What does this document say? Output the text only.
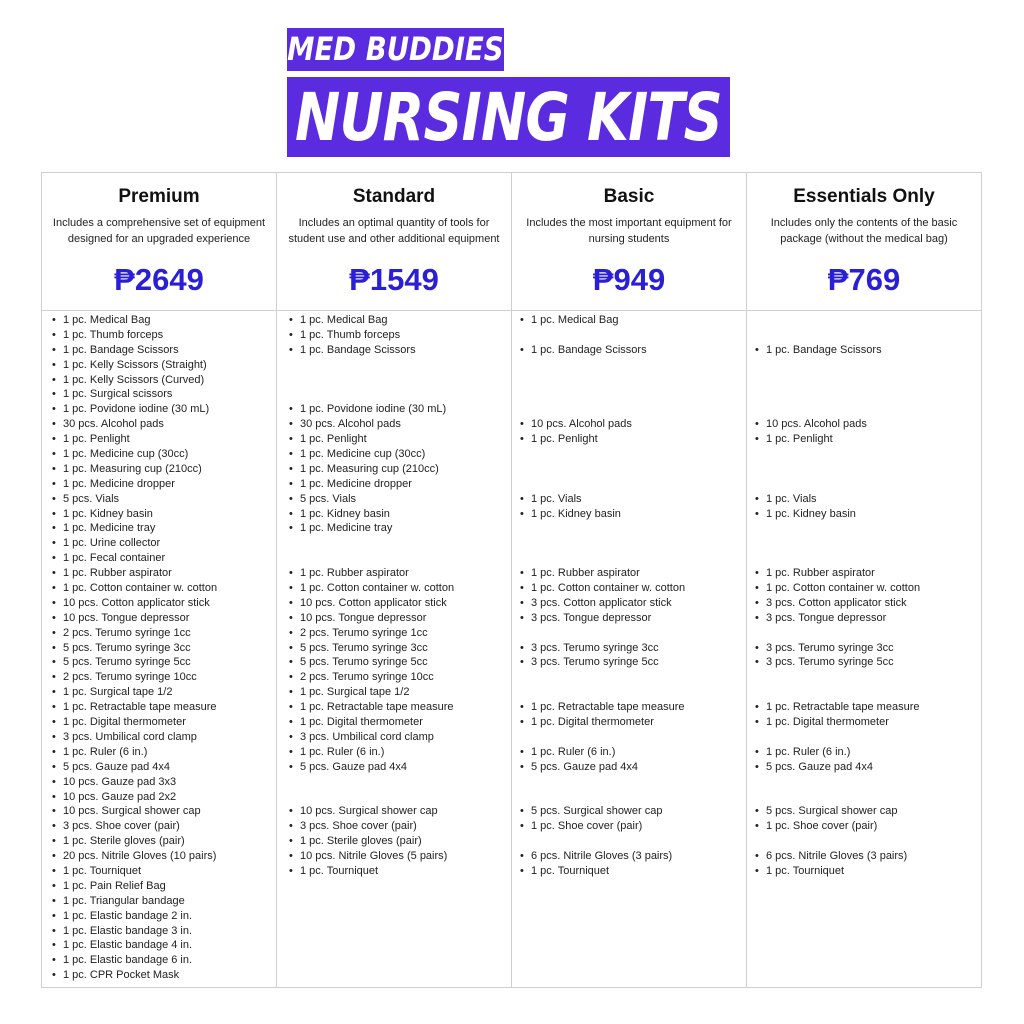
MED BUDDIES
NURSING KITS
Premium
Includes a comprehensive set of equipment designed for an upgraded experience
₱2649
Standard
Includes an optimal quantity of tools for student use and other additional equipment
₱1549
Basic
Includes the most important equipment for nursing students
₱949
Essentials Only
Includes only the contents of the basic package (without the medical bag)
₱769
• 1 pc. Medical Bag
• 1 pc. Thumb forceps
• 1 pc. Bandage Scissors
• 1 pc. Kelly Scissors (Straight)
• 1 pc. Kelly Scissors (Curved)
• 1 pc. Surgical scissors
• 1 pc. Povidone iodine (30 mL)
• 30 pcs. Alcohol pads
• 1 pc. Penlight
• 1 pc. Medicine cup (30cc)
• 1 pc. Measuring cup (210cc)
• 1 pc. Medicine dropper
• 5 pcs. Vials
• 1 pc. Kidney basin
• 1 pc. Medicine tray
• 1 pc. Urine collector
• 1 pc. Fecal container
• 1 pc. Rubber aspirator
• 1 pc. Cotton container w. cotton
• 10 pcs. Cotton applicator stick
• 10 pcs. Tongue depressor
• 2 pcs. Terumo syringe 1cc
• 5 pcs. Terumo syringe 3cc
• 5 pcs. Terumo syringe 5cc
• 2 pcs. Terumo syringe 10cc
• 1 pc. Surgical tape 1/2
• 1 pc. Retractable tape measure
• 1 pc. Digital thermometer
• 3 pcs. Umbilical cord clamp
• 1 pc. Ruler (6 in.)
• 5 pcs. Gauze pad 4x4
• 10 pcs. Gauze pad 3x3
• 10 pcs. Gauze pad 2x2
• 10 pcs. Surgical shower cap
• 3 pcs. Shoe cover (pair)
• 1 pc. Sterile gloves (pair)
• 20 pcs. Nitrile Gloves (10 pairs)
• 1 pc. Tourniquet
• 1 pc. Pain Relief Bag
• 1 pc. Triangular bandage
• 1 pc. Elastic bandage 2 in.
• 1 pc. Elastic bandage 3 in.
• 1 pc. Elastic bandage 4 in.
• 1 pc. Elastic bandage 6 in.
• 1 pc. CPR Pocket Mask
• 1 pc. Medical Bag
• 1 pc. Thumb forceps
• 1 pc. Bandage Scissors
• 1 pc. Povidone iodine (30 mL)
• 30 pcs. Alcohol pads
• 1 pc. Penlight
• 1 pc. Medicine cup (30cc)
• 1 pc. Measuring cup (210cc)
• 1 pc. Medicine dropper
• 5 pcs. Vials
• 1 pc. Kidney basin
• 1 pc. Medicine tray
• 1 pc. Rubber aspirator
• 1 pc. Cotton container w. cotton
• 10 pcs. Cotton applicator stick
• 10 pcs. Tongue depressor
• 2 pcs. Terumo syringe 1cc
• 5 pcs. Terumo syringe 3cc
• 5 pcs. Terumo syringe 5cc
• 2 pcs. Terumo syringe 10cc
• 1 pc. Surgical tape 1/2
• 1 pc. Retractable tape measure
• 1 pc. Digital thermometer
• 3 pcs. Umbilical cord clamp
• 1 pc. Ruler (6 in.)
• 5 pcs. Gauze pad 4x4
• 10 pcs. Surgical shower cap
• 3 pcs. Shoe cover (pair)
• 1 pc. Sterile gloves (pair)
• 10 pcs. Nitrile Gloves (5 pairs)
• 1 pc. Tourniquet
• 1 pc. Medical Bag
• 1 pc. Bandage Scissors
• 10 pcs. Alcohol pads
• 1 pc. Penlight
• 1 pc. Vials
• 1 pc. Kidney basin
• 1 pc. Rubber aspirator
• 1 pc. Cotton container w. cotton
• 3 pcs. Cotton applicator stick
• 3 pcs. Tongue depressor
• 3 pcs. Terumo syringe 3cc
• 3 pcs. Terumo syringe 5cc
• 1 pc. Retractable tape measure
• 1 pc. Digital thermometer
• 1 pc. Ruler (6 in.)
• 5 pcs. Gauze pad 4x4
• 5 pcs. Surgical shower cap
• 1 pc. Shoe cover (pair)
• 6 pcs. Nitrile Gloves (3 pairs)
• 1 pc. Tourniquet
• 1 pc. Bandage Scissors
• 10 pcs. Alcohol pads
• 1 pc. Penlight
• 1 pc. Vials
• 1 pc. Kidney basin
• 1 pc. Rubber aspirator
• 1 pc. Cotton container w. cotton
• 3 pcs. Cotton applicator stick
• 3 pcs. Tongue depressor
• 3 pcs. Terumo syringe 3cc
• 3 pcs. Terumo syringe 5cc
• 1 pc. Retractable tape measure
• 1 pc. Digital thermometer
• 1 pc. Ruler (6 in.)
• 5 pcs. Gauze pad 4x4
• 5 pcs. Surgical shower cap
• 1 pc. Shoe cover (pair)
• 6 pcs. Nitrile Gloves (3 pairs)
• 1 pc. Tourniquet
